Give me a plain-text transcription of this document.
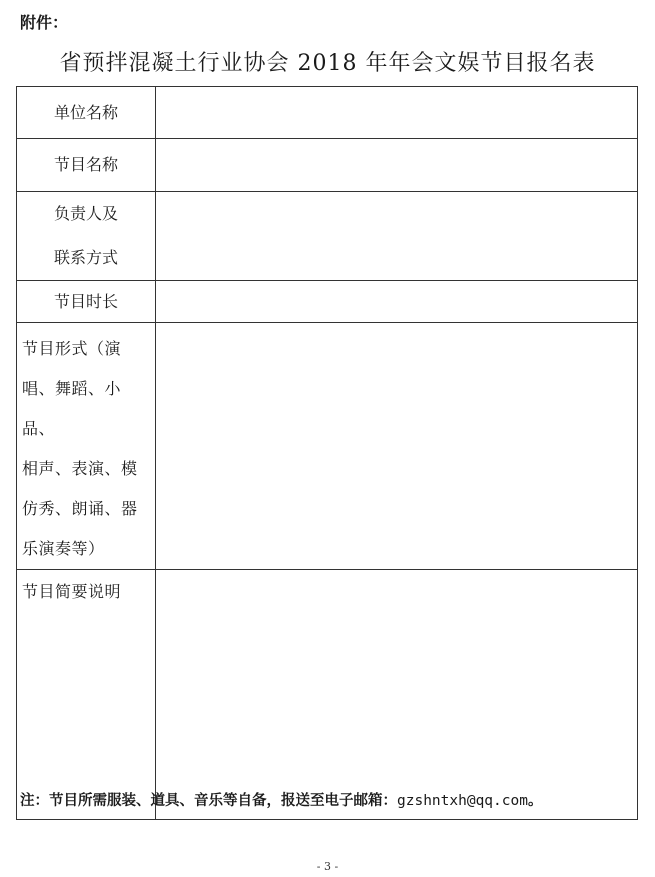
附件：
省预拌混凝土行业协会 2018 年年会文娱节目报名表
单位名称	

节目名称	

负责人及
联系方式	

节目时长	

节目形式（演
唱、舞蹈、小品、
相声、表演、模
仿秀、朗诵、器
乐演奏等）	

节目简要说明	

注：节目所需服装、道具、音乐等自备，报送至电子邮箱：gzshntxh@qq.com。
- 3 -
